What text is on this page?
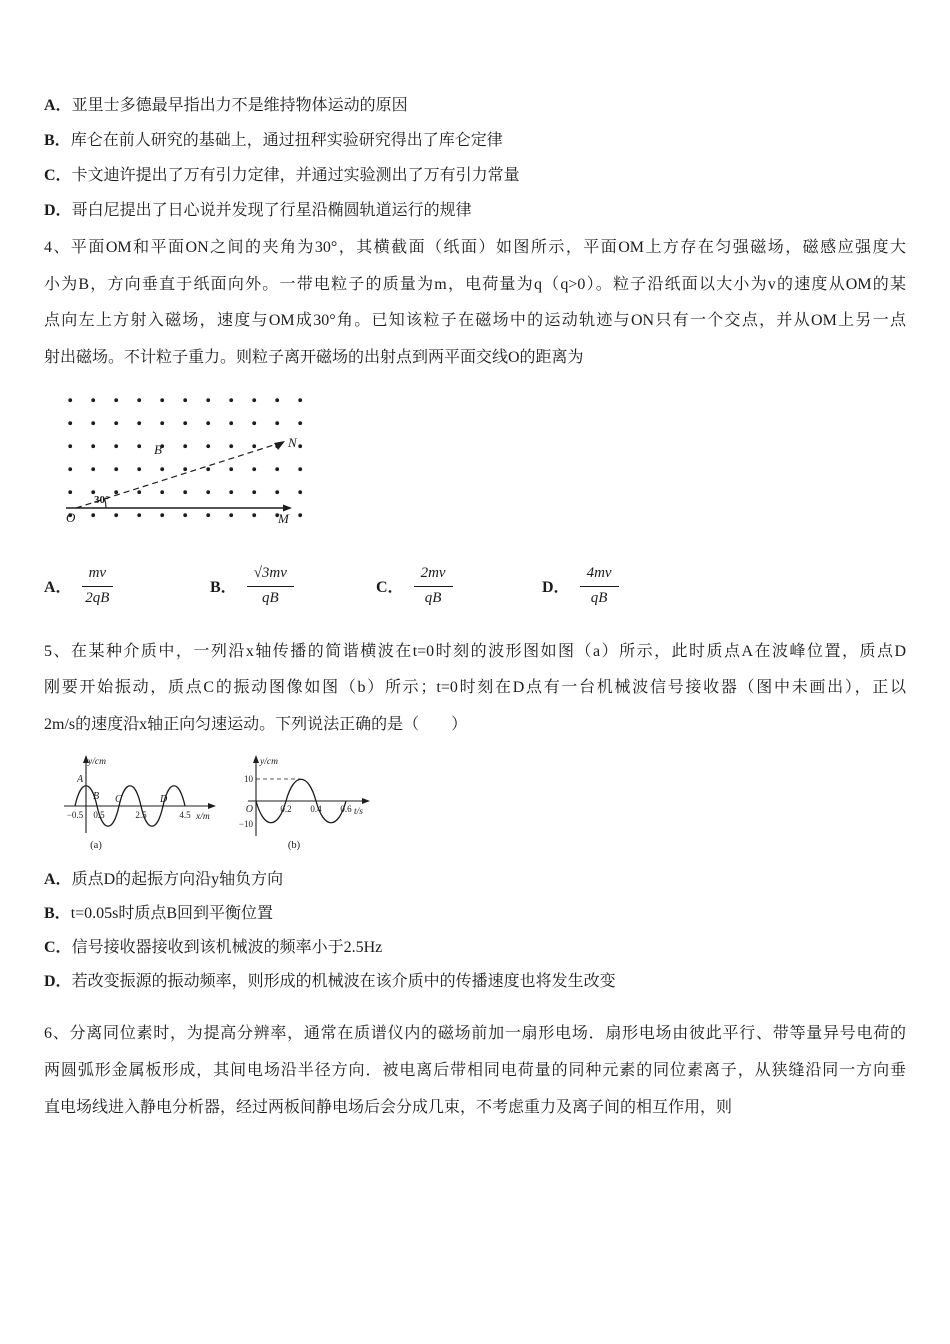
A．亚里士多德最早指出力不是维持物体运动的原因
B．库仑在前人研究的基础上，通过扭秤实验研究得出了库仑定律
C．卡文迪许提出了万有引力定律，并通过实验测出了万有引力常量
D．哥白尼提出了日心说并发现了行星沿椭圆轨道运行的规律
4、平面OM和平面ON之间的夹角为30°，其横截面（纸面）如图所示，平面OM上方存在匀强磁场，磁感应强度大
小为B，方向垂直于纸面向外。一带电粒子的质量为m，电荷量为q（q>0）。粒子沿纸面以大小为v的速度从OM的某
点向左上方射入磁场，速度与OM成30°角。已知该粒子在磁场中的运动轨迹与ON只有一个交点，并从OM上另一点
射出磁场。不计粒子重力。则粒子离开磁场的出射点到两平面交线O的距离为
30°
B
O	M
N
A． $\frac{mv}{2qB}$	B． $\frac{√3mv}{qB}$	C． $\frac{2mv}{qB}$	D． $\frac{4mv}{qB}$
5、在某种介质中，一列沿x轴传播的简谐横波在t=0时刻的波形图如图（a）所示，此时质点A在波峰位置，质点D
刚要开始振动，质点C的振动图像如图（b）所示；t=0时刻在D点有一台机械波信号接收器（图中未画出），正以
2m/s的速度沿x轴正向匀速运动。下列说法正确的是（　　）
y/cm
x/m
A
B C	D
−0.5 0.5	2.5	4.5
(a)
y/cm
t/s
10
−10
O	0.2 0.4 0.6
(b)
A．质点D的起振方向沿y轴负方向
B．t=0.05s时质点B回到平衡位置
C．信号接收器接收到该机械波的频率小于2.5Hz
D．若改变振源的振动频率，则形成的机械波在该介质中的传播速度也将发生改变
6、分离同位素时，为提高分辨率，通常在质谱仪内的磁场前加一扇形电场．扇形电场由彼此平行、带等量异号电荷的
两圆弧形金属板形成，其间电场沿半径方向．被电离后带相同电荷量的同种元素的同位素离子，从狭缝沿同一方向垂
直电场线进入静电分析器，经过两板间静电场后会分成几束，不考虑重力及离子间的相互作用，则
